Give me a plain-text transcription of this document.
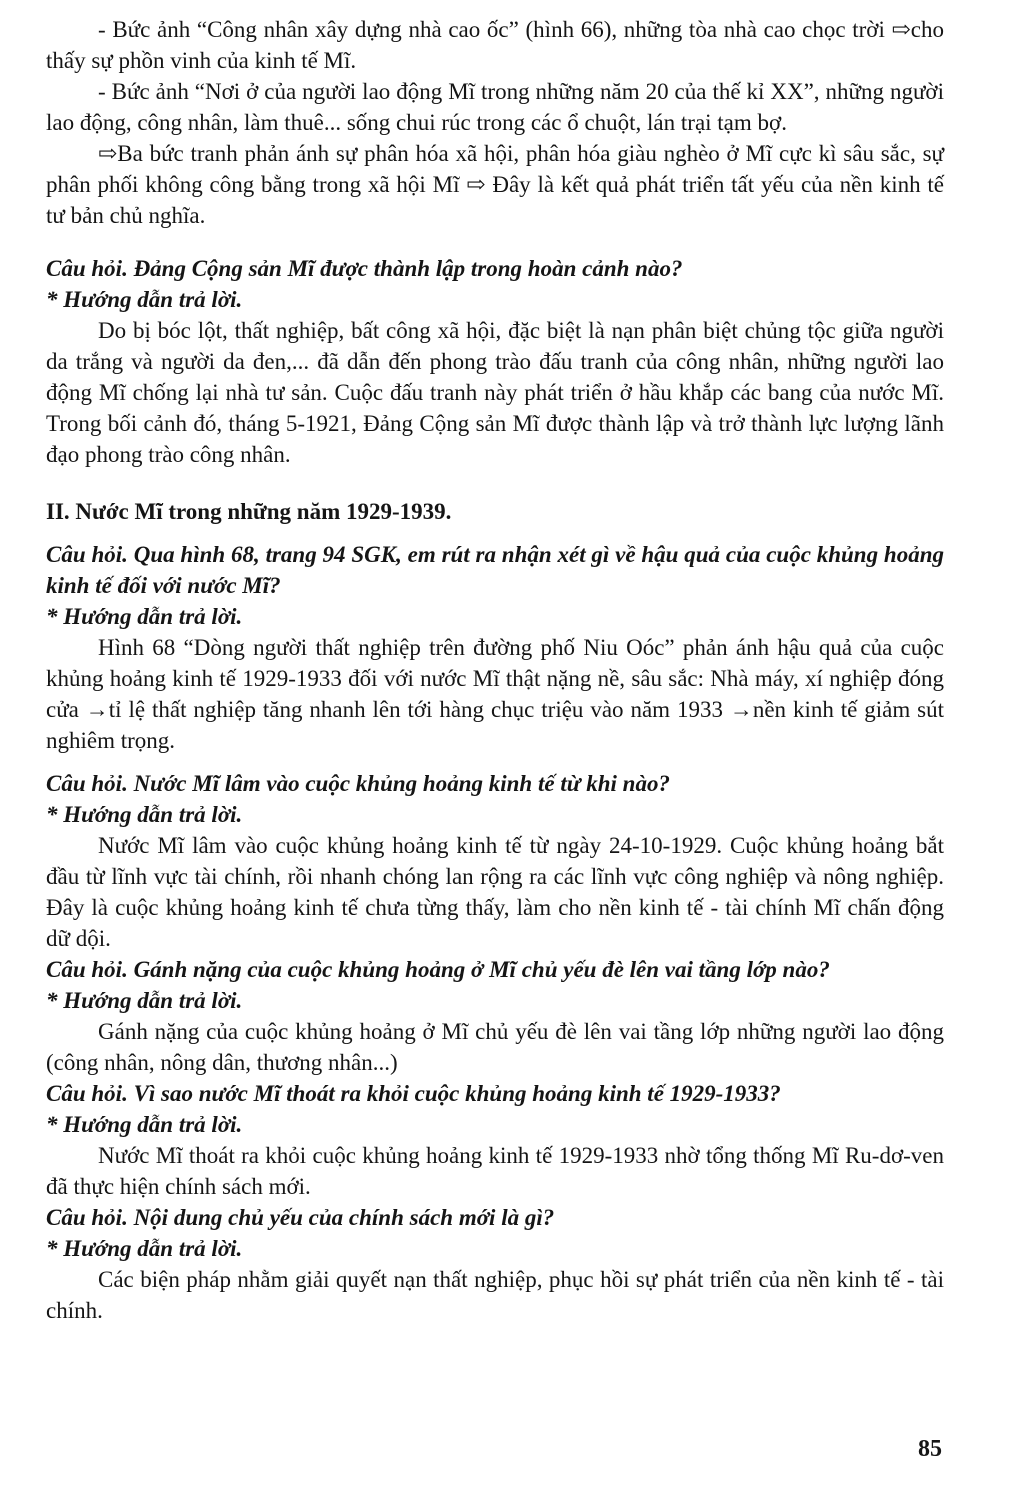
- Bức ảnh “Công nhân xây dựng nhà cao ốc” (hình 66), những tòa nhà cao chọc trời ⇨cho thấy sự phồn vinh của kinh tế Mĩ.

- Bức ảnh “Nơi ở của người lao động Mĩ trong những năm 20 của thế kỉ XX”, những người lao động, công nhân, làm thuê... sống chui rúc trong các ổ chuột, lán trại tạm bợ.

⇨Ba bức tranh phản ánh sự phân hóa xã hội, phân hóa giàu nghèo ở Mĩ cực kì sâu sắc, sự phân phối không công bằng trong xã hội Mĩ ⇨ Đây là kết quả phát triển tất yếu của nền kinh tế tư bản chủ nghĩa.

Câu hỏi. Đảng Cộng sản Mĩ được thành lập trong hoàn cảnh nào?

* Hướng dẫn trả lời.

Do bị bóc lột, thất nghiệp, bất công xã hội, đặc biệt là nạn phân biệt chủng tộc giữa người da trắng và người da đen,... đã dẫn đến phong trào đấu tranh của công nhân, những người lao động Mĩ chống lại nhà tư sản. Cuộc đấu tranh này phát triển ở hầu khắp các bang của nước Mĩ. Trong bối cảnh đó, tháng 5-1921, Đảng Cộng sản Mĩ được thành lập và trở thành lực lượng lãnh đạo phong trào công nhân.

II. Nước Mĩ trong những năm 1929-1939.

Câu hỏi. Qua hình 68, trang 94 SGK, em rút ra nhận xét gì về hậu quả của cuộc khủng hoảng kinh tế đối với nước Mĩ?

* Hướng dẫn trả lời.

Hình 68 “Dòng người thất nghiệp trên đường phố Niu Oóc” phản ánh hậu quả của cuộc khủng hoảng kinh tế 1929-1933 đối với nước Mĩ thật nặng nề, sâu sắc: Nhà máy, xí nghiệp đóng cửa →tỉ lệ thất nghiệp tăng nhanh lên tới hàng chục triệu vào năm 1933 →nền kinh tế giảm sút nghiêm trọng.

Câu hỏi. Nước Mĩ lâm vào cuộc khủng hoảng kinh tế từ khi nào?

* Hướng dẫn trả lời.

Nước Mĩ lâm vào cuộc khủng hoảng kinh tế từ ngày 24-10-1929. Cuộc khủng hoảng bắt đầu từ lĩnh vực tài chính, rồi nhanh chóng lan rộng ra các lĩnh vực công nghiệp và nông nghiệp. Đây là cuộc khủng hoảng kinh tế chưa từng thấy, làm cho nền kinh tế - tài chính Mĩ chấn động dữ dội.

Câu hỏi. Gánh nặng của cuộc khủng hoảng ở Mĩ chủ yếu đè lên vai tầng lớp nào?

* Hướng dẫn trả lời.

Gánh nặng của cuộc khủng hoảng ở Mĩ chủ yếu đè lên vai tầng lớp những người lao động (công nhân, nông dân, thương nhân...)

Câu hỏi. Vì sao nước Mĩ thoát ra khỏi cuộc khủng hoảng kinh tế 1929-1933?

* Hướng dẫn trả lời.

Nước Mĩ thoát ra khỏi cuộc khủng hoảng kinh tế 1929-1933 nhờ tổng thống Mĩ Ru-dơ-ven đã thực hiện chính sách mới.

Câu hỏi. Nội dung chủ yếu của chính sách mới là gì?

* Hướng dẫn trả lời.

Các biện pháp nhằm giải quyết nạn thất nghiệp, phục hồi sự phát triển của nền kinh tế - tài chính.

85
